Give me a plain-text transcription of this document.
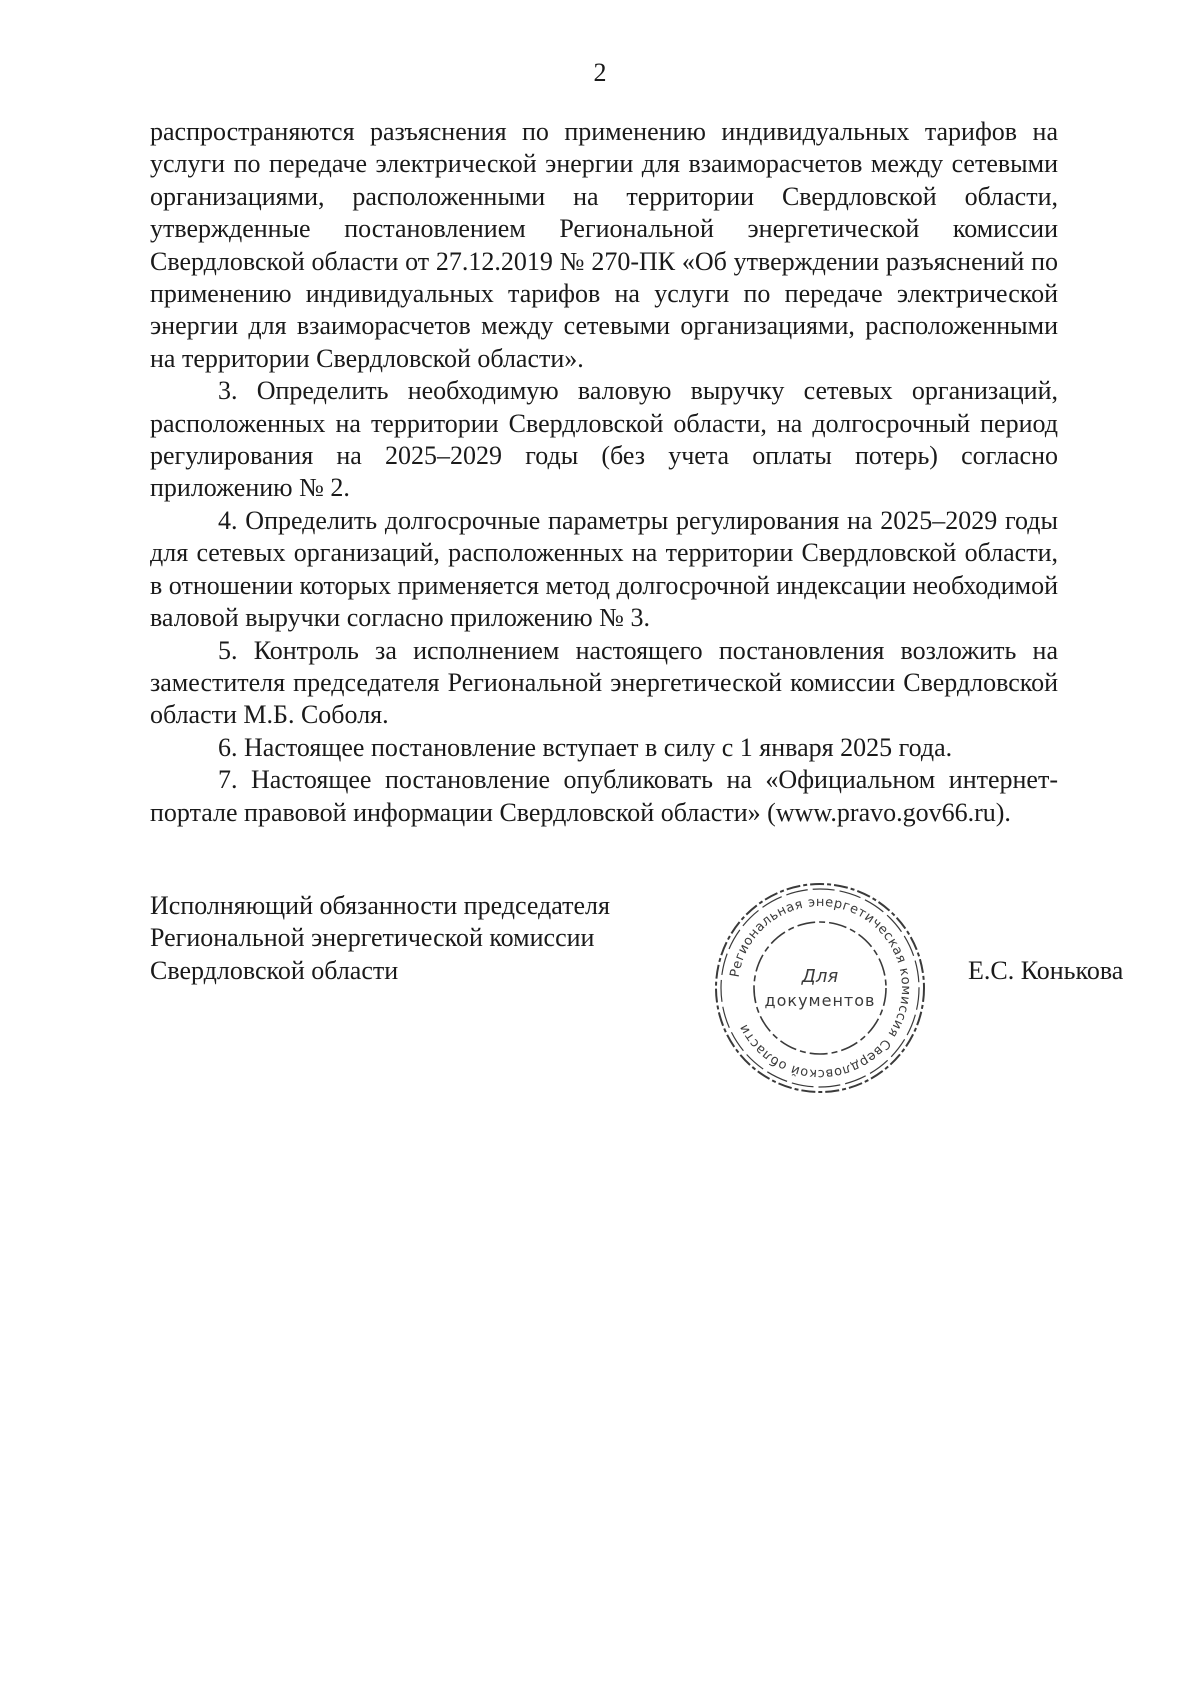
2

распространяются разъяснения по применению индивидуальных тарифов на услуги по передаче электрической энергии для взаиморасчетов между сетевыми организациями, расположенными на территории Свердловской области, утвержденные постановлением Региональной энергетической комиссии Свердловской области от 27.12.2019 № 270-ПК «Об утверждении разъяснений по применению индивидуальных тарифов на услуги по передаче электрической энергии для взаиморасчетов между сетевыми организациями, расположенными на территории Свердловской области».

3. Определить необходимую валовую выручку сетевых организаций, расположенных на территории Свердловской области, на долгосрочный период регулирования на 2025–2029 годы (без учета оплаты потерь) согласно приложению № 2.

4. Определить долгосрочные параметры регулирования на 2025–2029 годы для сетевых организаций, расположенных на территории Свердловской области, в отношении которых применяется метод долгосрочной индексации необходимой валовой выручки согласно приложению № 3.

5. Контроль за исполнением настоящего постановления возложить на заместителя председателя Региональной энергетической комиссии Свердловской области М.Б. Соболя.

6. Настоящее постановление вступает в силу с 1 января 2025 года.

7. Настоящее постановление опубликовать на «Официальном интернет-портале правовой информации Свердловской области» (www.pravo.gov66.ru).

Исполняющий обязанности председателя
Региональной энергетической комиссии
Свердловской области	Региональная энергетическая комиссия Свердловской области
Для
документов
Е.С. Конькова
